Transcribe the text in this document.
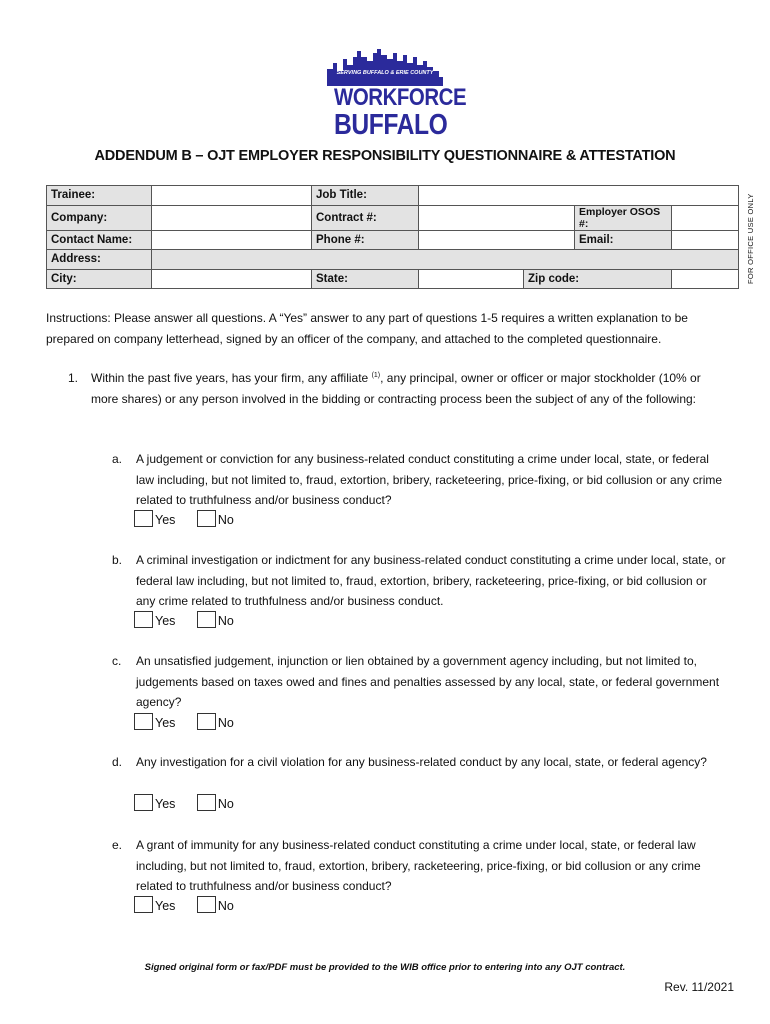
SERVING BUFFALO & ERIE COUNTY
WORKFORCE
BUFFALO
ADDENDUM B – OJT EMPLOYER RESPONSIBILITY QUESTIONNAIRE & ATTESTATION
Trainee:		Job Title:				
Company:		Contract #:			Employer OSOS #:	
Contact Name:		Phone #:			Email:	
Address:						
City:		State:		Zip code:			FOR OFFICE USE ONLY
Instructions: Please answer all questions. A “Yes” answer to any part of questions 1-5 requires a written explanation to be prepared on company letterhead, signed by an officer of the company, and attached to the completed questionnaire.
1. Within the past five years, has your firm, any affiliate $^{(1)}$, any principal, owner or officer or major stockholder (10% or more shares) or any person involved in the bidding or contracting process been the subject of any of the following:
a. A judgement or conviction for any business-related conduct constituting a crime under local, state, or federal law including, but not limited to, fraud, extortion, bribery, racketeering, price-fixing, or bid collusion or any crime related to truthfulness and/or business conduct?
Yes	No
b. A criminal investigation or indictment for any business-related conduct constituting a crime under local, state, or federal law including, but not limited to, fraud, extortion, bribery, racketeering, price-fixing, or bid collusion or any crime related to truthfulness and/or business conduct.
Yes	No
c. An unsatisfied judgement, injunction or lien obtained by a government agency including, but not limited to, judgements based on taxes owed and fines and penalties assessed by any local, state, or federal government agency?
Yes	No
d. Any investigation for a civil violation for any business-related conduct by any local, state, or federal agency?
Yes	No
e. A grant of immunity for any business-related conduct constituting a crime under local, state, or federal law including, but not limited to, fraud, extortion, bribery, racketeering, price-fixing, or bid collusion or any crime related to truthfulness and/or business conduct?
Yes	No
Signed original form or fax/PDF must be provided to the WIB office prior to entering into any OJT contract.
Rev. 11/2021
